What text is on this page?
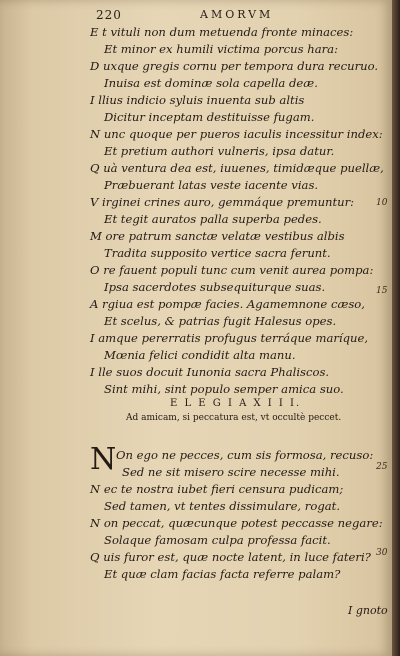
220	AMORVM
E t vituli non dum metuenda fronte minaces:
Et minor ex humili victima porcus hara:
D uxque gregis cornu per tempora dura recuruo.
Inuisa est dominæ sola capella deæ.
I llius indicio syluis inuenta sub altis
Dicitur inceptam destituisse fugam.
N unc quoque per pueros iaculis incessitur index:
Et pretium authori vulneris, ipsa datur.
Q uà ventura dea est, iuuenes, timidæque puellæ,
Præbuerant latas veste iacente vias.
V irginei crines auro, gemmáque premuntur:
Et tegit auratos palla superba pedes.
M ore patrum sanctæ velatæ vestibus albis
Tradita supposito vertice sacra ferunt.
O re fauent populi tunc cum venit aurea pompa:
Ipsa sacerdotes subsequiturque suas.
A rgiua est pompæ facies. Agamemnone cæso,
Et scelus, & patrias fugit Halesus opes.
I amque pererratis profugus terráque maríque,
Mœnia felici condidit alta manu.
I lle suos docuit Iunonia sacra Phaliscos.
Sint mihi, sint populo semper amica suo.
E L E G I A X I I I.
Ad amicam, si peccatura est, vt occultè peccet.
N On ego ne pecces, cum sis formosa, recuso:
Sed ne sit misero scire necesse mihi.
N ec te nostra iubet fieri censura pudicam;
Sed tamen, vt tentes dissimulare, rogat.
N on peccat, quæcunque potest peccasse negare:
Solaque famosam culpa professa facit.
Q uis furor est, quæ nocte latent, in luce fateri?
Et quæ clam facias facta referre palam?
10
15
25
30
I gnoto
